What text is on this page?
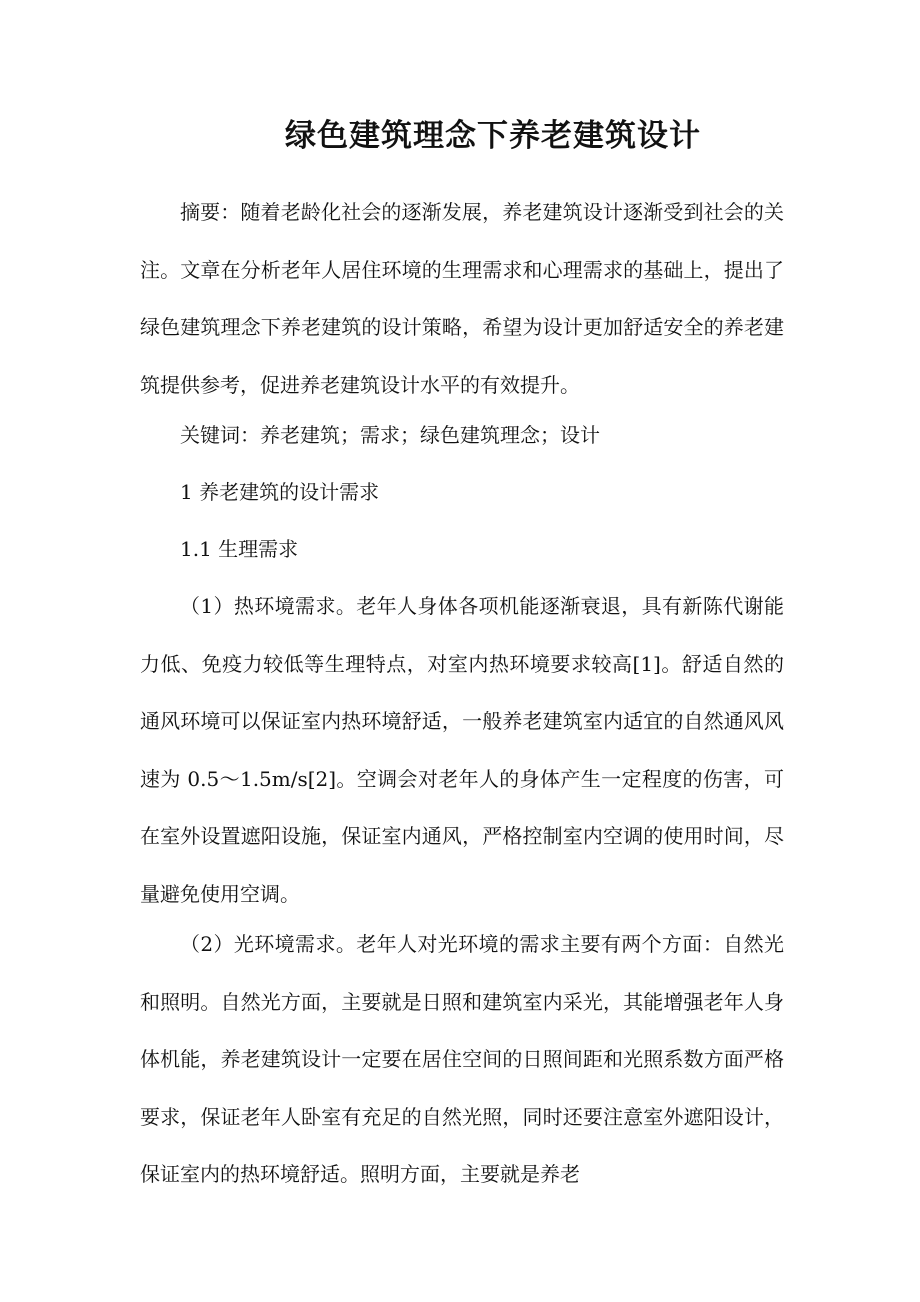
绿色建筑理念下养老建筑设计

摘要：随着老龄化社会的逐渐发展，养老建筑设计逐渐受到社会的关注。文章在分析老年人居住环境的生理需求和心理需求的基础上，提出了绿色建筑理念下养老建筑的设计策略，希望为设计更加舒适安全的养老建筑提供参考，促进养老建筑设计水平的有效提升。

关键词：养老建筑；需求；绿色建筑理念；设计

1 养老建筑的设计需求

1.1 生理需求

（1）热环境需求。老年人身体各项机能逐渐衰退，具有新陈代谢能力低、免疫力较低等生理特点，对室内热环境要求较高[1]。舒适自然的通风环境可以保证室内热环境舒适，一般养老建筑室内适宜的自然通风风速为 0.5～1.5m/s[2]。空调会对老年人的身体产生一定程度的伤害，可在室外设置遮阳设施，保证室内通风，严格控制室内空调的使用时间，尽量避免使用空调。

（2）光环境需求。老年人对光环境的需求主要有两个方面：自然光和照明。自然光方面，主要就是日照和建筑室内采光，其能增强老年人身体机能，养老建筑设计一定要在居住空间的日照间距和光照系数方面严格要求，保证老年人卧室有充足的自然光照，同时还要注意室外遮阳设计，保证室内的热环境舒适。照明方面，主要就是养老
